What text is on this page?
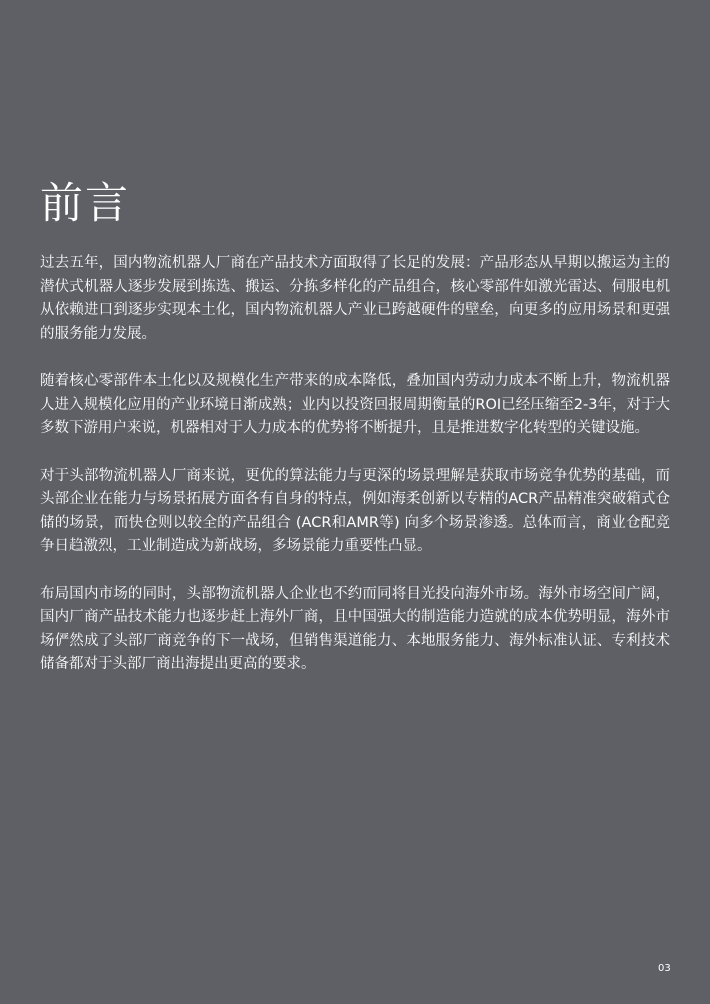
前言

过去五年，国内物流机器人厂商在产品技术方面取得了长足的发展：产品形态从早期以搬运为主的潜伏式机器人逐步发展到拣选、搬运、分拣多样化的产品组合，核心零部件如激光雷达、伺服电机从依赖进口到逐步实现本土化，国内物流机器人产业已跨越硬件的壁垒，向更多的应用场景和更强的服务能力发展。

随着核心零部件本土化以及规模化生产带来的成本降低，叠加国内劳动力成本不断上升，物流机器人进入规模化应用的产业环境日渐成熟；业内以投资回报周期衡量的ROI已经压缩至2-3年，对于大多数下游用户来说，机器相对于人力成本的优势将不断提升，且是推进数字化转型的关键设施。

对于头部物流机器人厂商来说，更优的算法能力与更深的场景理解是获取市场竞争优势的基础，而头部企业在能力与场景拓展方面各有自身的特点，例如海柔创新以专精的ACR产品精准突破箱式仓储的场景，而快仓则以较全的产品组合 (ACR和AMR等) 向多个场景渗透。总体而言，商业仓配竞争日趋激烈，工业制造成为新战场，多场景能力重要性凸显。

布局国内市场的同时，头部物流机器人企业也不约而同将目光投向海外市场。海外市场空间广阔，国内厂商产品技术能力也逐步赶上海外厂商，且中国强大的制造能力造就的成本优势明显，海外市场俨然成了头部厂商竞争的下一战场，但销售渠道能力、本地服务能力、海外标准认证、专利技术储备都对于头部厂商出海提出更高的要求。

03
